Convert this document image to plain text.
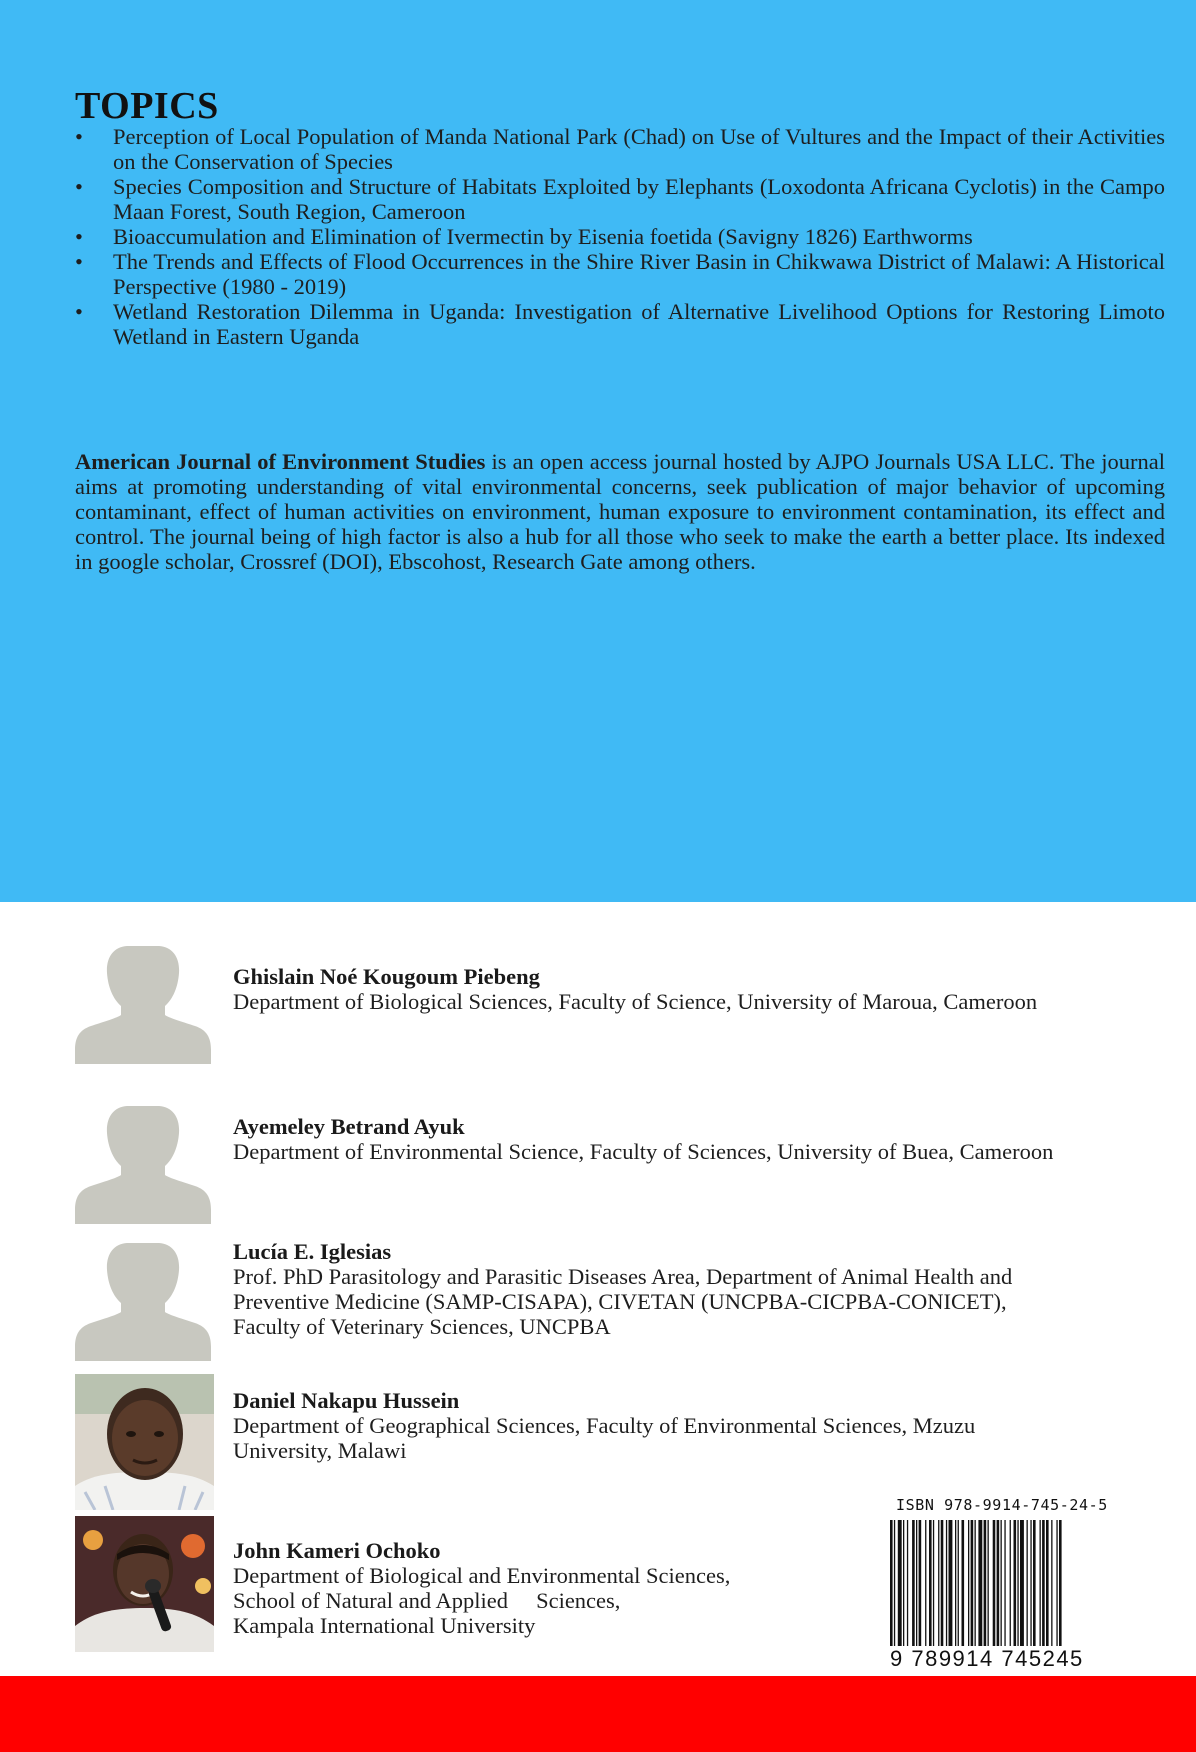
TOPICS
•	Perception of Local Population of Manda National Park (Chad) on Use of Vultures and the Impact of their Activities on the Conservation of Species
•	Species Composition and Structure of Habitats Exploited by Elephants (Loxodonta Africana Cyclotis) in the Campo Maan Forest, South Region, Cameroon
•	Bioaccumulation and Elimination of Ivermectin by Eisenia foetida (Savigny 1826) Earthworms
•	The Trends and Effects of Flood Occurrences in the Shire River Basin in Chikwawa District of Malawi: A Historical Perspective (1980 - 2019)
•	Wetland Restoration Dilemma in Uganda: Investigation of Alternative Livelihood Options for Restoring Limoto Wetland in Eastern Uganda

American Journal of Environment Studies is an open access journal hosted by AJPO Journals USA LLC. The journal aims at promoting understanding of vital environmental concerns, seek publication of major behavior of upcoming contaminant, effect of human activities on environment, human exposure to environment contamination, its effect and control. The journal being of high factor is also a hub for all those who seek to make the earth a better place. Its indexed in google scholar, Crossref (DOI), Ebscohost, Research Gate among others.

Ghislain Noé Kougoum Piebeng
Department of Biological Sciences, Faculty of Science, University of Maroua, Cameroon
Ayemeley Betrand Ayuk
Department of Environmental Science, Faculty of Sciences, University of Buea, Cameroon
Lucía E. Iglesias
Prof. PhD Parasitology and Parasitic Diseases Area, Department of Animal Health and
Preventive Medicine (SAMP-CISAPA), CIVETAN (UNCPBA-CICPBA-CONICET),
Faculty of Veterinary Sciences, UNCPBA
Daniel Nakapu Hussein
Department of Geographical Sciences, Faculty of Environmental Sciences, Mzuzu
University, Malawi
John Kameri Ochoko
Department of Biological and Environmental Sciences,
School of Natural and Applied     Sciences,
Kampala International University
ISBN 978-9914-745-24-5
9 789914 745245
